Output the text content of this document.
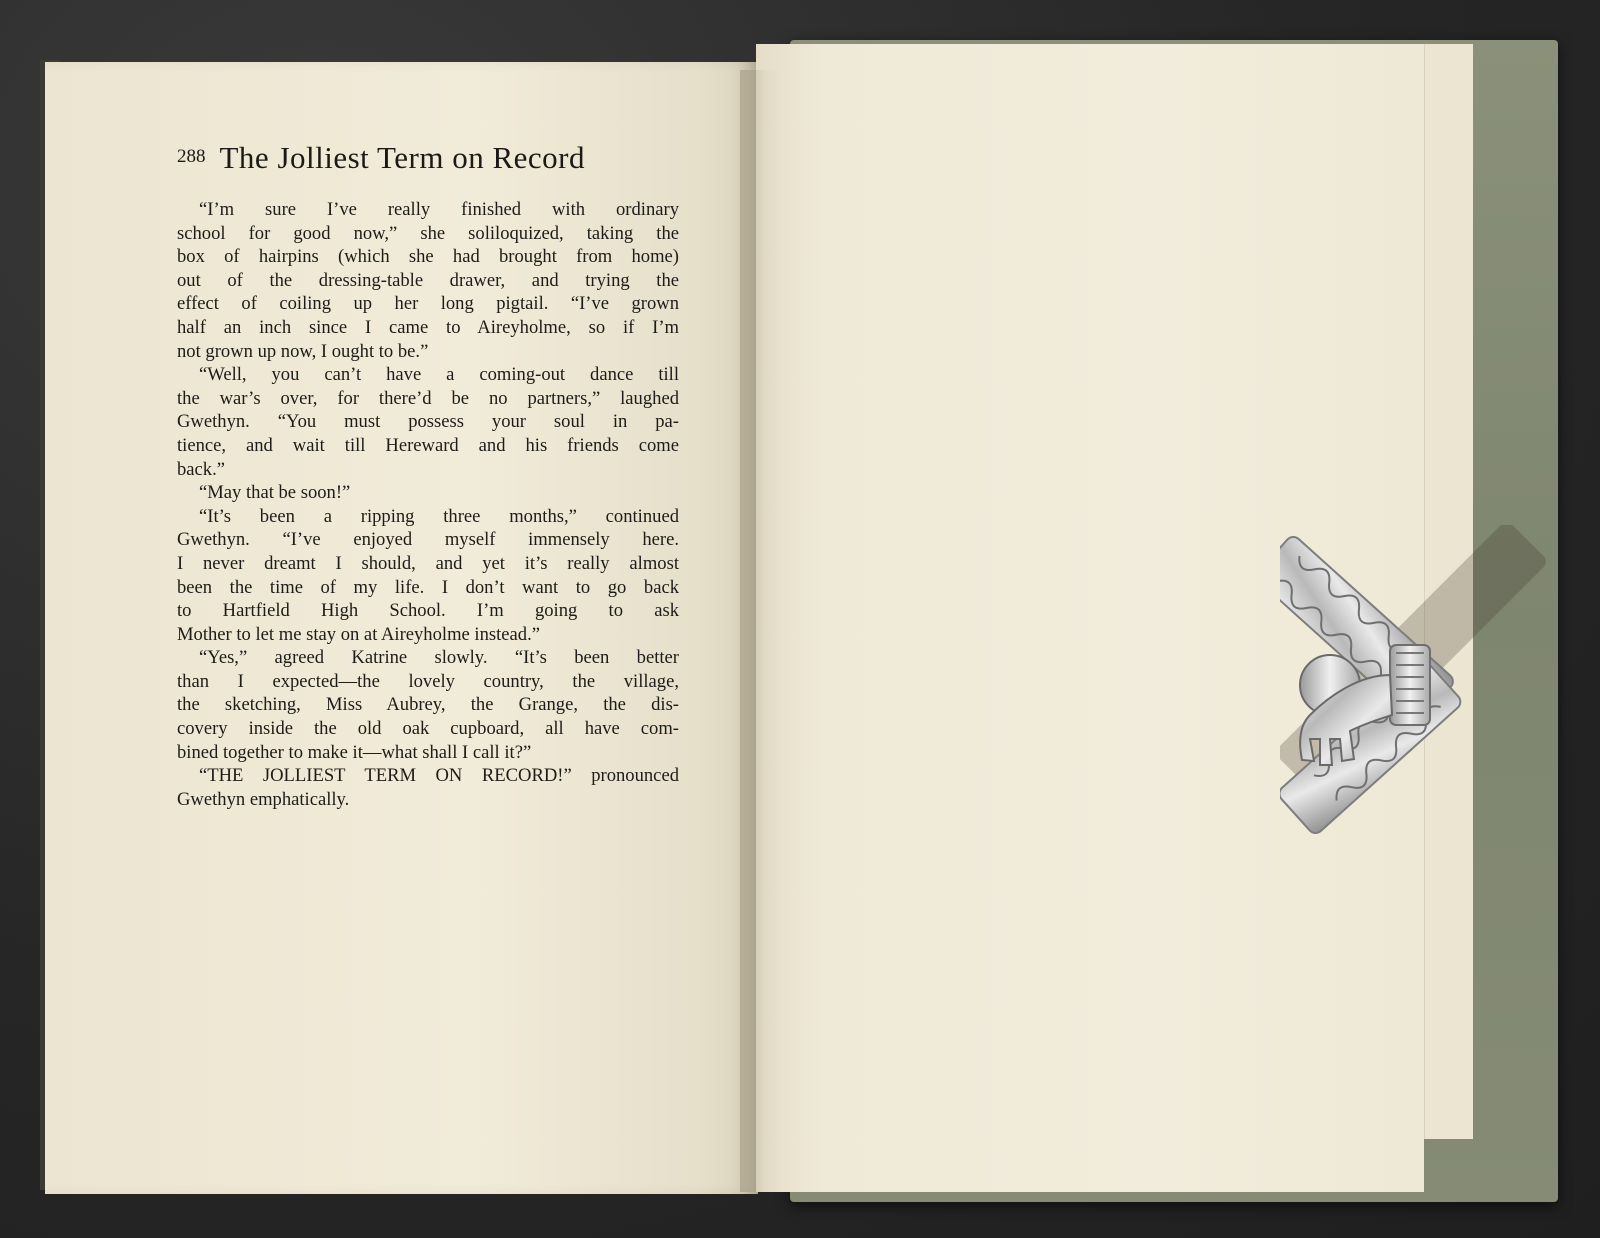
288 The Jolliest Term on Record
“I’m sure I’ve really finished with ordinary
school for good now,” she soliloquized, taking the
box of hairpins (which she had brought from home)
out of the dressing-table drawer, and trying the
effect of coiling up her long pigtail. “I’ve grown
half an inch since I came to Aireyholme, so if I’m
not grown up now, I ought to be.”
“Well, you can’t have a coming-out dance till
the war’s over, for there’d be no partners,” laughed
Gwethyn. “You must possess your soul in pa-
tience, and wait till Hereward and his friends come
back.”
“May that be soon!”
“It’s been a ripping three months,” continued
Gwethyn. “I’ve enjoyed myself immensely here.
I never dreamt I should, and yet it’s really almost
been the time of my life. I don’t want to go back
to Hartfield High School. I’m going to ask
Mother to let me stay on at Aireyholme instead.”
“Yes,” agreed Katrine slowly. “It’s been better
than I expected—the lovely country, the village,
the sketching, Miss Aubrey, the Grange, the dis-
covery inside the old oak cupboard, all have com-
bined together to make it—what shall I call it?”
“THE JOLLIEST TERM ON RECORD!” pronounced
Gwethyn emphatically.
